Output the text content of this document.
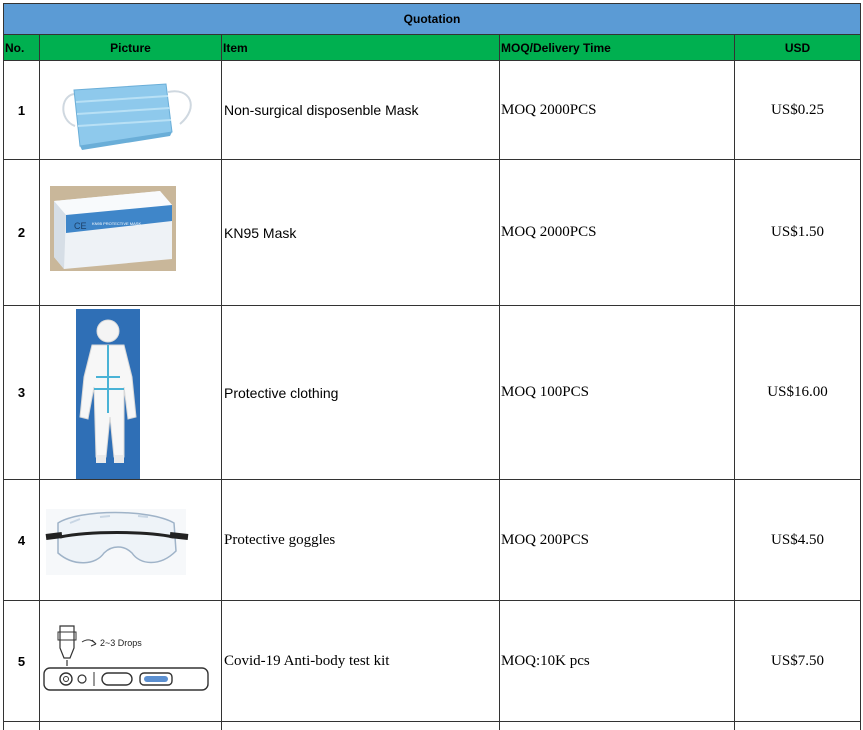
Quotation				
No.	Picture	Item	MOQ/Delivery Time	USD
1		Non-surgical disposenble Mask	MOQ 2000PCS	US$0.25
2	CE KN95 PROTECTIVE MASK	KN95 Mask	MOQ 2000PCS	US$1.50
3		Protective clothing	MOQ 100PCS	US$16.00
4		Protective goggles	MOQ 200PCS	US$4.50
5	2~3 Drops	Covid-19 Anti-body test kit	MOQ:10K pcs	US$7.50
